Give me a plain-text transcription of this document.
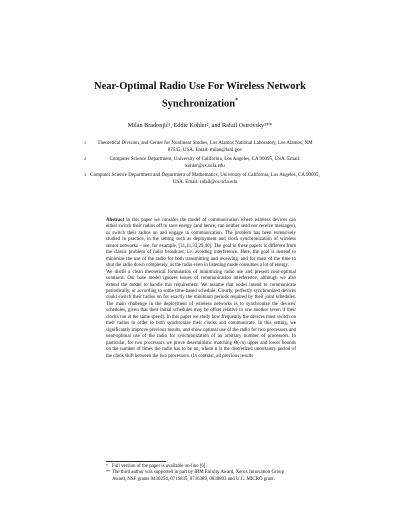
Near-Optimal Radio Use For Wireless Network Synchronization*
Milan Bradonjić¹, Eddie Kohler², and Rafail Ostrovsky³**
1 Theoretical Division, and Center for Nonlinear Studies, Los Alamos National Laboratory, Los Alamos, NM 87545, USA. Email: milan@lanl.gov
2	Computer Science Department, University of California, Los Angeles, CA 90095, USA. Email: kohler@cs.ucla.edu
3 Computer Science Department and Department of Mathematics, University of California, Los Angeles, CA 90095, USA. Email: rafail@cs.ucla.edu

Abstract In this paper we consider the model of communication where wireless devices can either switch their radios off to save energy (and hence, can neither send nor receive messages), or switch their radios on and engage in communication. The problem has been extensively studied in practice, in the setting such as deployment and clock synchronization of wireless sensor networks – see, for example, [31,41,33,29,40]. The goal in these papers is different from the classic problem of radio broadcast, i.e. avoiding interference. Here, the goal is instead to minimize the use of the radio for both transmitting and receiving, and for most of the time to shut the radio down completely, as the radio even in listening mode consumes a lot of energy.

We distill a clean theoretical formulation of minimizing radio use and present near-optimal solutions. Our base model ignores issues of communication interference, although we also extend the model to handle this requirement. We assume that nodes intend to communicate periodically, or according to some time-based schedule. Clearly, perfectly synchronized devices could switch their radios on for exactly the minimum periods required by their joint schedules. The main challenge in the deployment of wireless networks is to synchronize the devices' schedules, given that their initial schedules may be offset relative to one another (even if their clocks run at the same speed). In this paper we study how frequently the devices must switch on their radios in order to both synchronize their clocks and communicate. In this setting, we significantly improve previous results, and show optimal use of the radio for two processors and near-optimal use of the radio for synchronization of an arbitrary number of processors. In particular, for two processors we prove deterministic matching Θ(√n) upper and lower bounds on the number of times the radio has to be on, where n is the discretized uncertainty period of the clock shift between the two processors. (In contrast, all previous results

* Full version of the paper is available on-line [6].
** The third author was supported in part by IBM Faculty Award, Xerox Innovation Group Award, NSF grants 0430254, 0716835, 0716389, 0830803 and U.C. MICRO grant.
